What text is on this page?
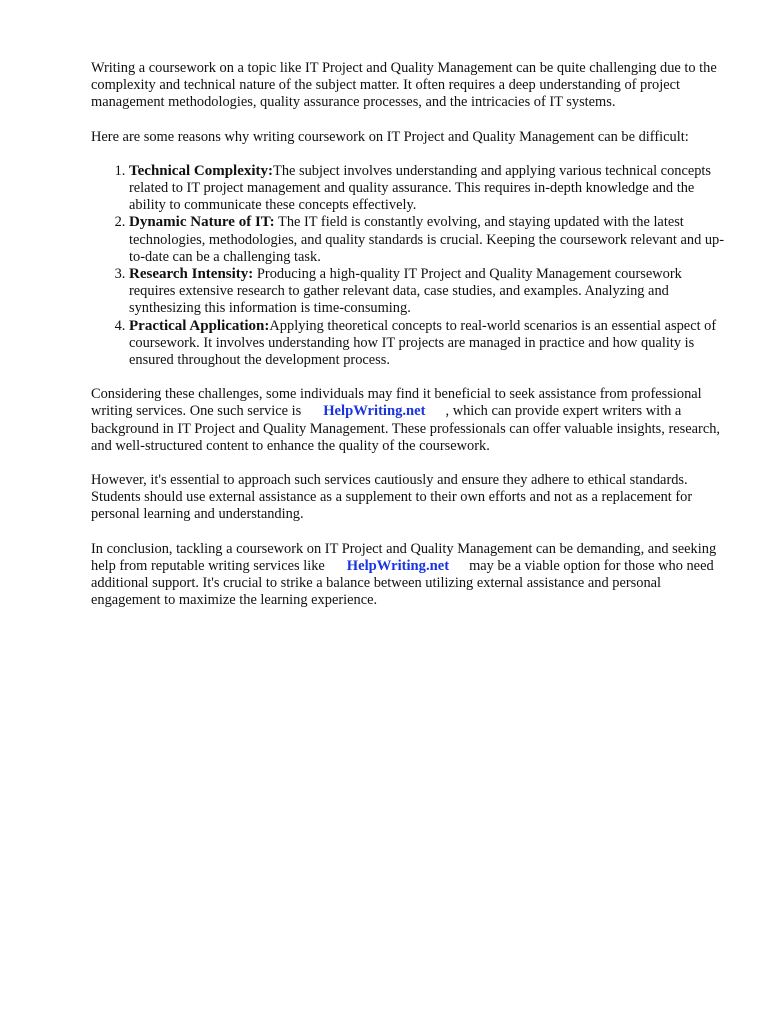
Writing a coursework on a topic like IT Project and Quality Management can be quite challenging due to the complexity and technical nature of the subject matter. It often requires a deep understanding of project management methodologies, quality assurance processes, and the intricacies of IT systems.

Here are some reasons why writing coursework on IT Project and Quality Management can be difficult:

1. Technical Complexity:The subject involves understanding and applying various technical concepts related to IT project management and quality assurance. This requires in-depth knowledge and the ability to communicate these concepts effectively.
2. Dynamic Nature of IT: The IT field is constantly evolving, and staying updated with the latest technologies, methodologies, and quality standards is crucial. Keeping the coursework relevant and up-to-date can be a challenging task.
3. Research Intensity: Producing a high-quality IT Project and Quality Management coursework requires extensive research to gather relevant data, case studies, and examples. Analyzing and synthesizing this information is time-consuming.
4. Practical Application:Applying theoretical concepts to real-world scenarios is an essential aspect of coursework. It involves understanding how IT projects are managed in practice and how quality is ensured throughout the development process.

Considering these challenges, some individuals may find it beneficial to seek assistance from professional writing services. One such service is HelpWriting.net , which can provide expert writers with a background in IT Project and Quality Management. These professionals can offer valuable insights, research, and well-structured content to enhance the quality of the coursework.

However, it's essential to approach such services cautiously and ensure they adhere to ethical standards. Students should use external assistance as a supplement to their own efforts and not as a replacement for personal learning and understanding.

In conclusion, tackling a coursework on IT Project and Quality Management can be demanding, and seeking help from reputable writing services like HelpWriting.net may be a viable option for those who need additional support. It's crucial to strike a balance between utilizing external assistance and personal engagement to maximize the learning experience.
